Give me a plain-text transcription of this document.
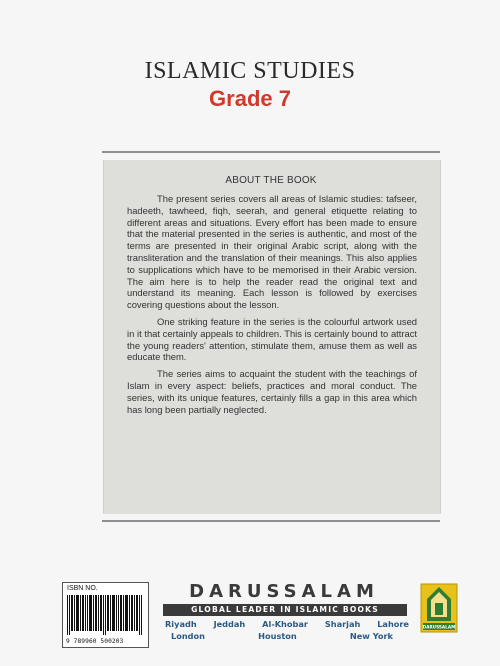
ISLAMIC STUDIES
Grade 7
ABOUT THE BOOK

The present series covers all areas of Islamic studies: tafseer, hadeeth, tawheed, fiqh, seerah, and general etiquette relating to different areas and situations. Every effort has been made to ensure that the material presented in the series is authentic, and most of the terms are presented in their original Arabic script, along with the transliteration and the translation of their meanings. This also applies to supplications which have to be memorised in their Arabic version. The aim here is to help the reader read the original text and understand its meaning. Each lesson is followed by exercises covering questions about the lesson.

One striking feature in the series is the colourful artwork used in it that certainly appeals to children. This is certainly bound to attract the young readers' attention, stimulate them, amuse them as well as educate them.

The series aims to acquaint the student with the teachings of Islam in every aspect: beliefs, practices and moral conduct. The series, with its unique features, certainly fills a gap in this area which has long been partially neglected.

ISBN NO.
9 789960 500203
DARUSSALAM
GLOBAL LEADER IN ISLAMIC BOOKS
Riyadh Jeddah Al-Khobar Sharjah Lahore
London	Houston	New York
DARUSSALAM
